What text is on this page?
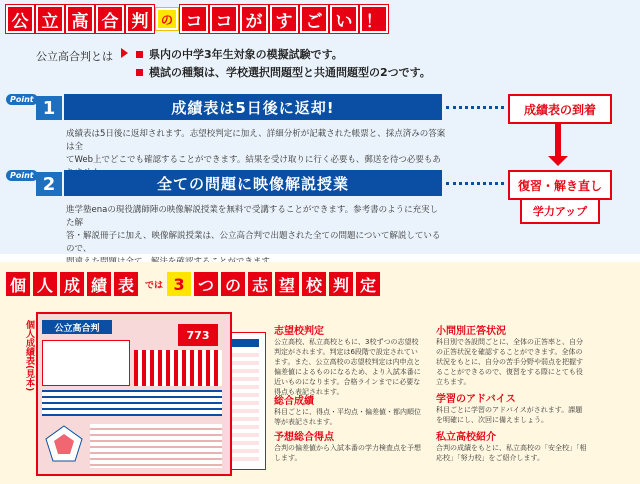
公 立 高 合 判	の コ コ が す ご い ！
公立高合判とは	県内の中学3年生対象の模擬試験です。
模試の種類は、学校選択問題型と共通問題型の2つです。
Point 1	成績表は5日後に返却!
成績表は5日後に返却されます。志望校判定に加え、詳細分析が記載された帳票と、採点済みの答案は全
てWeb上でどこでも確認することができます。結果を受け取りに行く必要も、郵送を待つ必要もあ
Point 2	全ての問題に映像解説授業
進学塾enaの現役講師陣の映像解説授業を無料で受講することができます。参考書のように充実した解
答・解説冊子に加え、映像解説授業は、公立高合判で出題された全ての問題について解説しているので、
成績表の到着
復習・解き直し
学力アップ
個 人 成 績 表	では 3 つ の 志 望 校 判 定
個人成績表(見本)	公立高合判	773	志望校判定
公立高校、私立高校ともに、3校ずつの志望校判定がされます。判定は6段階で設定されています。また、公立高校の志望校判定は内申点と偏差値によるものになるため、より入試本番に近いものになります。合格ラインまでに必要な得点も表記されます。
小問別正答状況
科目別で各設問ごとに、全体の正答率と、自分の正答状況を確認することができます。全体の状況をもとに、自分の苦手分野や弱点を把握することができるので、復習をする際にとても役立ちます。
総合成績
科目ごとに、得点・平均点・偏差値・都内順位等が表記されます。
学習のアドバイス
科目ごとに学習のアドバイスがされます。課題を明確にし、次回に備えましょう。
予想総合得点
合判の偏差値から入試本番の学力検査点を予想します。
私立高校紹介
合判の成績をもとに、私立高校の「安全校」「相応校」「努力校」をご紹介します。
